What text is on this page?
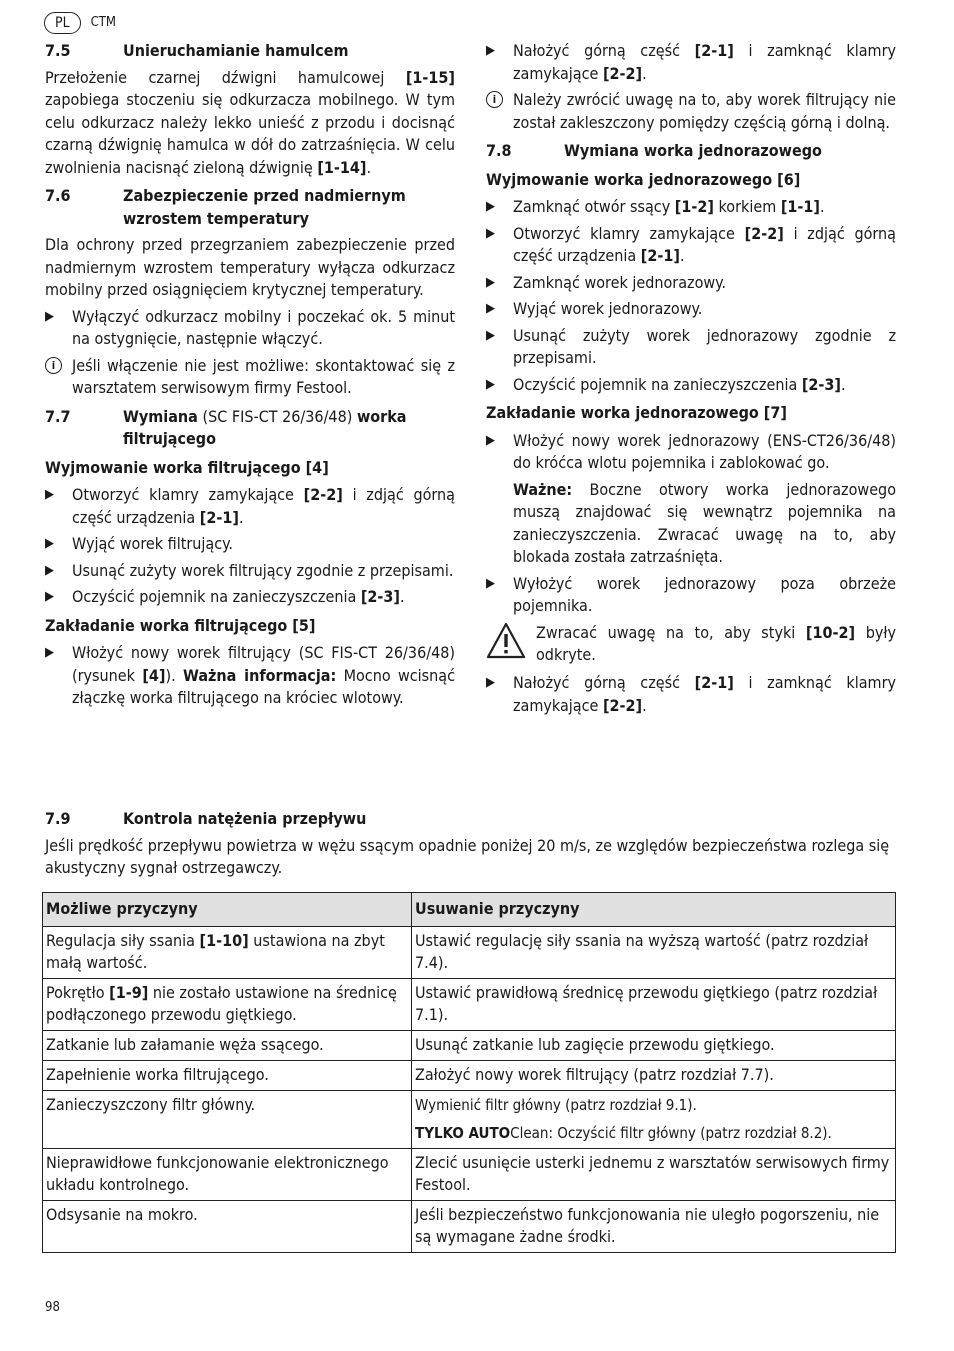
PL	CTM
7.5	Unieruchamianie hamulcem

Przełożenie czarnej dźwigni hamulcowej [1-15] zapobiega stoczeniu się odkurzacza mobilnego. W tym celu odkurzacz należy lekko unieść z przodu i docisnąć czarną dźwignię hamulca w dół do zatrzaśnięcia. W celu zwolnienia nacisnąć zieloną dźwignię [1-14].

7.6	Zabezpieczenie przed nadmiernym wzrostem temperatury

Dla ochrony przed przegrzaniem zabezpieczenie przed nadmiernym wzrostem temperatury wyłącza odkurzacz mobilny przed osiągnięciem krytycznej temperatury.

▶	Wyłączyć odkurzacz mobilny i poczekać ok. 5 minut na ostygnięcie, następnie włączyć.
i	Jeśli włączenie nie jest możliwe: skontaktować się z warsztatem serwisowym firmy Festool.
7.7	Wymiana (SC FIS-CT 26/36/48) worka filtrującego
Wyjmowanie worka filtrującego [4]
▶	Otworzyć klamry zamykające [2-2] i zdjąć górną część urządzenia [2-1].
▶	Wyjąć worek filtrujący.
▶	Usunąć zużyty worek filtrujący zgodnie z przepisami.
▶	Oczyścić pojemnik na zanieczyszczenia [2-3].
Zakładanie worka filtrującego [5]
▶	Włożyć nowy worek filtrujący (SC FIS-CT 26/36/48) (rysunek [4]). Ważna informacja: Mocno wcisnąć złączkę worka filtrującego na króciec wlotowy.
▶	Nałożyć górną część [2-1] i zamknąć klamry zamykające [2-2].
i	Należy zwrócić uwagę na to, aby worek filtrujący nie został zakleszczony pomiędzy częścią górną i dolną.
7.8	Wymiana worka jednorazowego
Wyjmowanie worka jednorazowego [6]
▶	Zamknąć otwór ssący [1-2] korkiem [1-1].
▶	Otworzyć klamry zamykające [2-2] i zdjąć górną część urządzenia [2-1].
▶	Zamknąć worek jednorazowy.
▶	Wyjąć worek jednorazowy.
▶	Usunąć zużyty worek jednorazowy zgodnie z przepisami.
▶	Oczyścić pojemnik na zanieczyszczenia [2-3].
Zakładanie worka jednorazowego [7]
▶	Włożyć nowy worek jednorazowy (ENS-CT26/36/48) do króćca wlotu pojemnika i zablokować go.
Ważne: Boczne otwory worka jednorazowego muszą znajdować się wewnątrz pojemnika na zanieczyszczenia. Zwracać uwagę na to, aby blokada została zatrzaśnięta.
▶	Wyłożyć worek jednorazowy poza obrzeże pojemnika.
Zwracać uwagę na to, aby styki [10-2] były odkryte.
▶	Nałożyć górną część [2-1] i zamknąć klamry zamykające [2-2].
7.9	Kontrola natężenia przepływu

Jeśli prędkość przepływu powietrza w wężu ssącym opadnie poniżej 20 m/s, ze względów bezpieczeństwa rozlega się akustyczny sygnał ostrzegawczy.

Możliwe przyczyny	Usuwanie przyczyny
Regulacja siły ssania [1-10] ustawiona na zbyt małą wartość.	Ustawić regulację siły ssania na wyższą wartość (patrz rozdział 7.4).
Pokrętło [1-9] nie zostało ustawione na średnicę podłączonego przewodu giętkiego.	Ustawić prawidłową średnicę przewodu giętkiego (patrz rozdział 7.1).
Zatkanie lub załamanie węża ssącego.	Usunąć zatkanie lub zagięcie przewodu giętkiego.
Zapełnienie worka filtrującego.	Założyć nowy worek filtrujący (patrz rozdział 7.7).
Zanieczyszczony filtr główny.	Wymienić filtr główny (patrz rozdział 9.1).
TYLKO AUTOClean: Oczyścić filtr główny (patrz rozdział 8.2).

Nieprawidłowe funkcjonowanie elektronicznego układu kontrolnego.	Zlecić usunięcie usterki jednemu z warsztatów serwisowych firmy Festool.
Odsysanie na mokro.	Jeśli bezpieczeństwo funkcjonowania nie uległo pogorszeniu, nie są wymagane żadne środki.
98
